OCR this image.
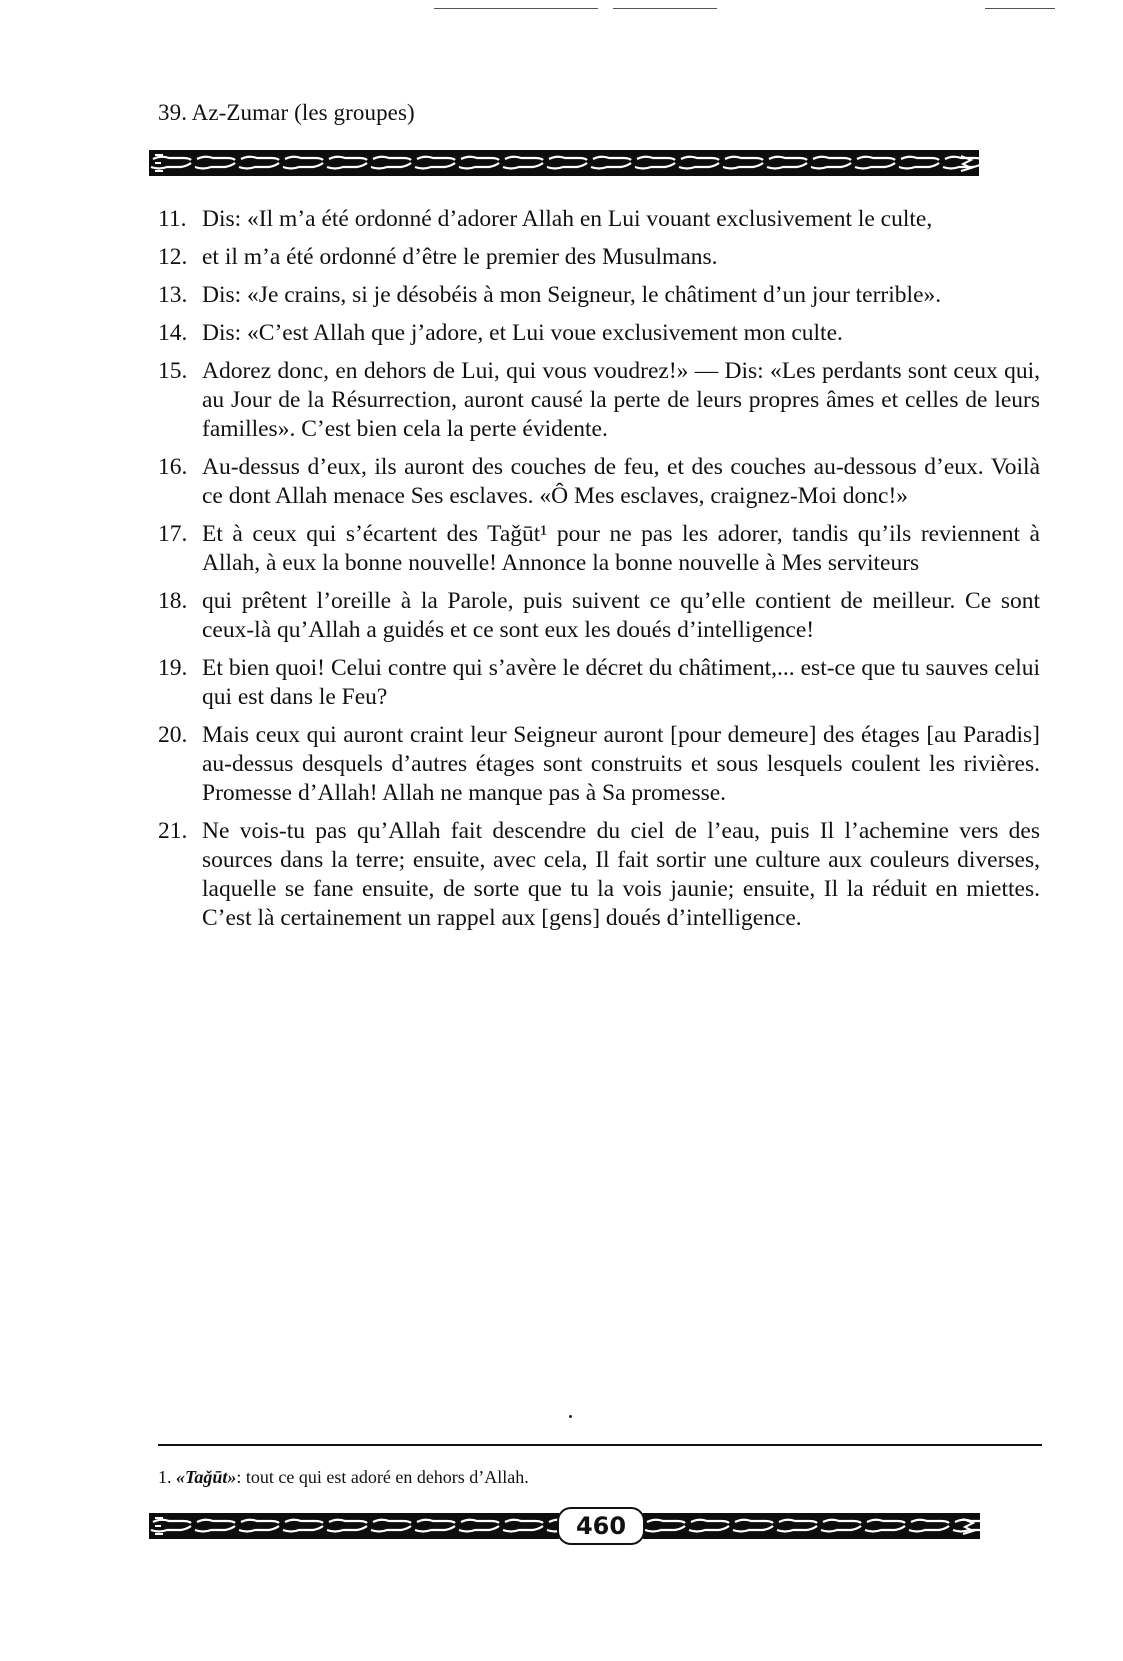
39. Az-Zumar (les groupes)
11. Dis: «Il m’a été ordonné d’adorer Allah en Lui vouant exclusivement le culte,
12. et il m’a été ordonné d’être le premier des Musulmans.
13. Dis: «Je crains, si je désobéis à mon Seigneur, le châtiment d’un jour terrible».
14. Dis: «C’est Allah que j’adore, et Lui voue exclusivement mon culte.
15. Adorez donc, en dehors de Lui, qui vous voudrez!» — Dis: «Les perdants sont ceux qui, au Jour de la Résurrection, auront causé la perte de leurs propres âmes et celles de leurs familles». C’est bien cela la perte évidente.
16. Au-dessus d’eux, ils auront des couches de feu, et des couches au-dessous d’eux. Voilà ce dont Allah menace Ses esclaves. «Ô Mes esclaves, craignez-Moi donc!»
17. Et à ceux qui s’écartent des Taǧūt¹ pour ne pas les adorer, tandis qu’ils reviennent à Allah, à eux la bonne nouvelle! Annonce la bonne nouvelle à Mes serviteurs
18. qui prêtent l’oreille à la Parole, puis suivent ce qu’elle contient de meilleur. Ce sont ceux-là qu’Allah a guidés et ce sont eux les doués d’intelligence!
19. Et bien quoi! Celui contre qui s’avère le décret du châtiment,... est-ce que tu sauves celui qui est dans le Feu?
20. Mais ceux qui auront craint leur Seigneur auront [pour demeure] des étages [au Paradis] au-dessus desquels d’autres étages sont construits et sous lesquels coulent les rivières. Promesse d’Allah! Allah ne manque pas à Sa promesse.
21. Ne vois-tu pas qu’Allah fait descendre du ciel de l’eau, puis Il l’achemine vers des sources dans la terre; ensuite, avec cela, Il fait sortir une culture aux couleurs diverses, laquelle se fane ensuite, de sorte que tu la vois jaunie; ensuite, Il la réduit en miettes. C’est là certainement un rappel aux [gens] doués d’intelligence.
1. «Taǧūt»: tout ce qui est adoré en dehors d’Allah.
460
